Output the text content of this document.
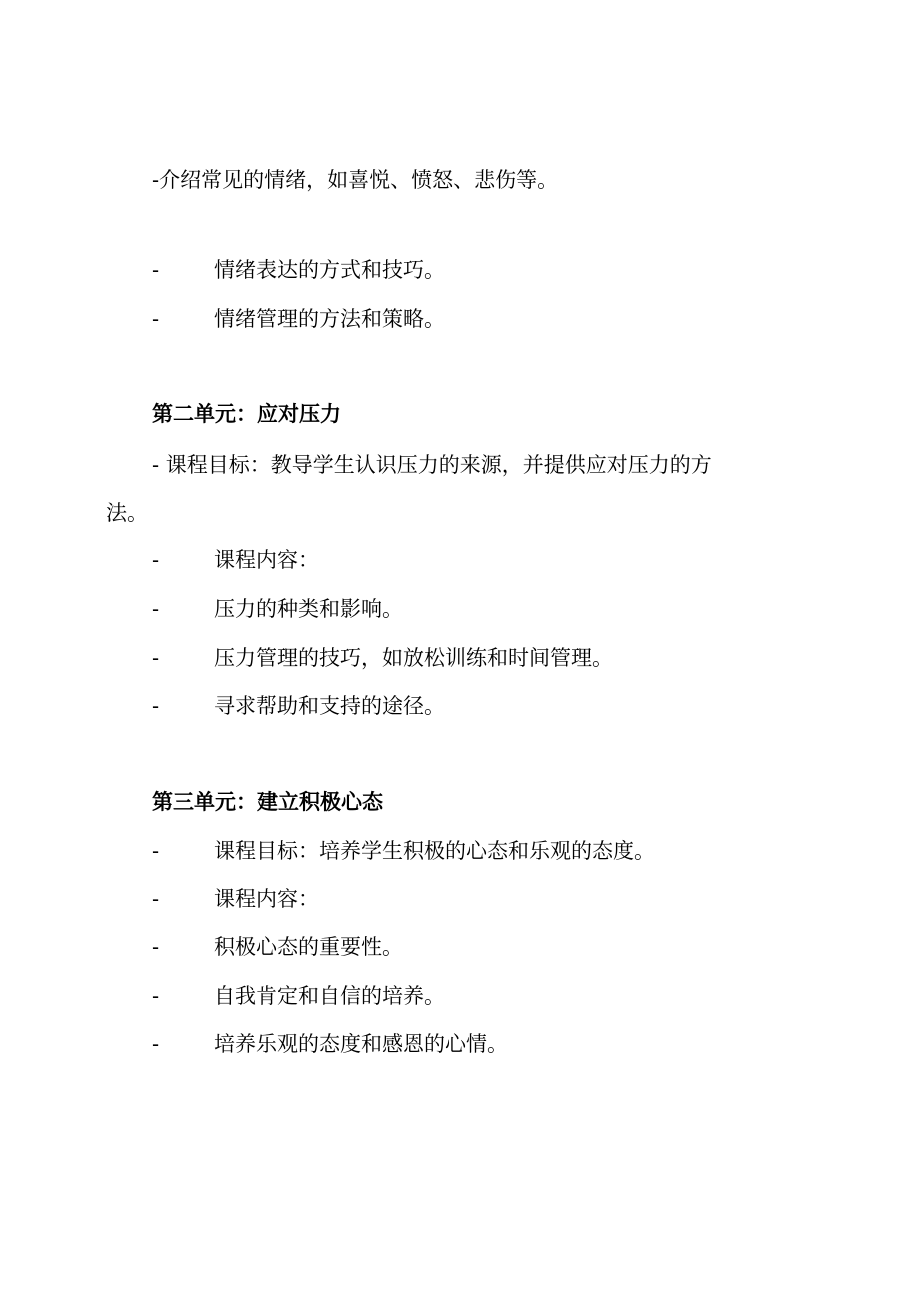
-介绍常见的情绪，如喜悦、愤怒、悲伤等。
-	情绪表达的方式和技巧。
-	情绪管理的方法和策略。
第二单元：应对压力
- 课程目标：教导学生认识压力的来源，并提供应对压力的方
法。
-	课程内容：
-	压力的种类和影响。
-	压力管理的技巧，如放松训练和时间管理。
-	寻求帮助和支持的途径。
第三单元：建立积极心态
-	课程目标：培养学生积极的心态和乐观的态度。
-	课程内容：
-	积极心态的重要性。
-	自我肯定和自信的培养。
-	培养乐观的态度和感恩的心情。
